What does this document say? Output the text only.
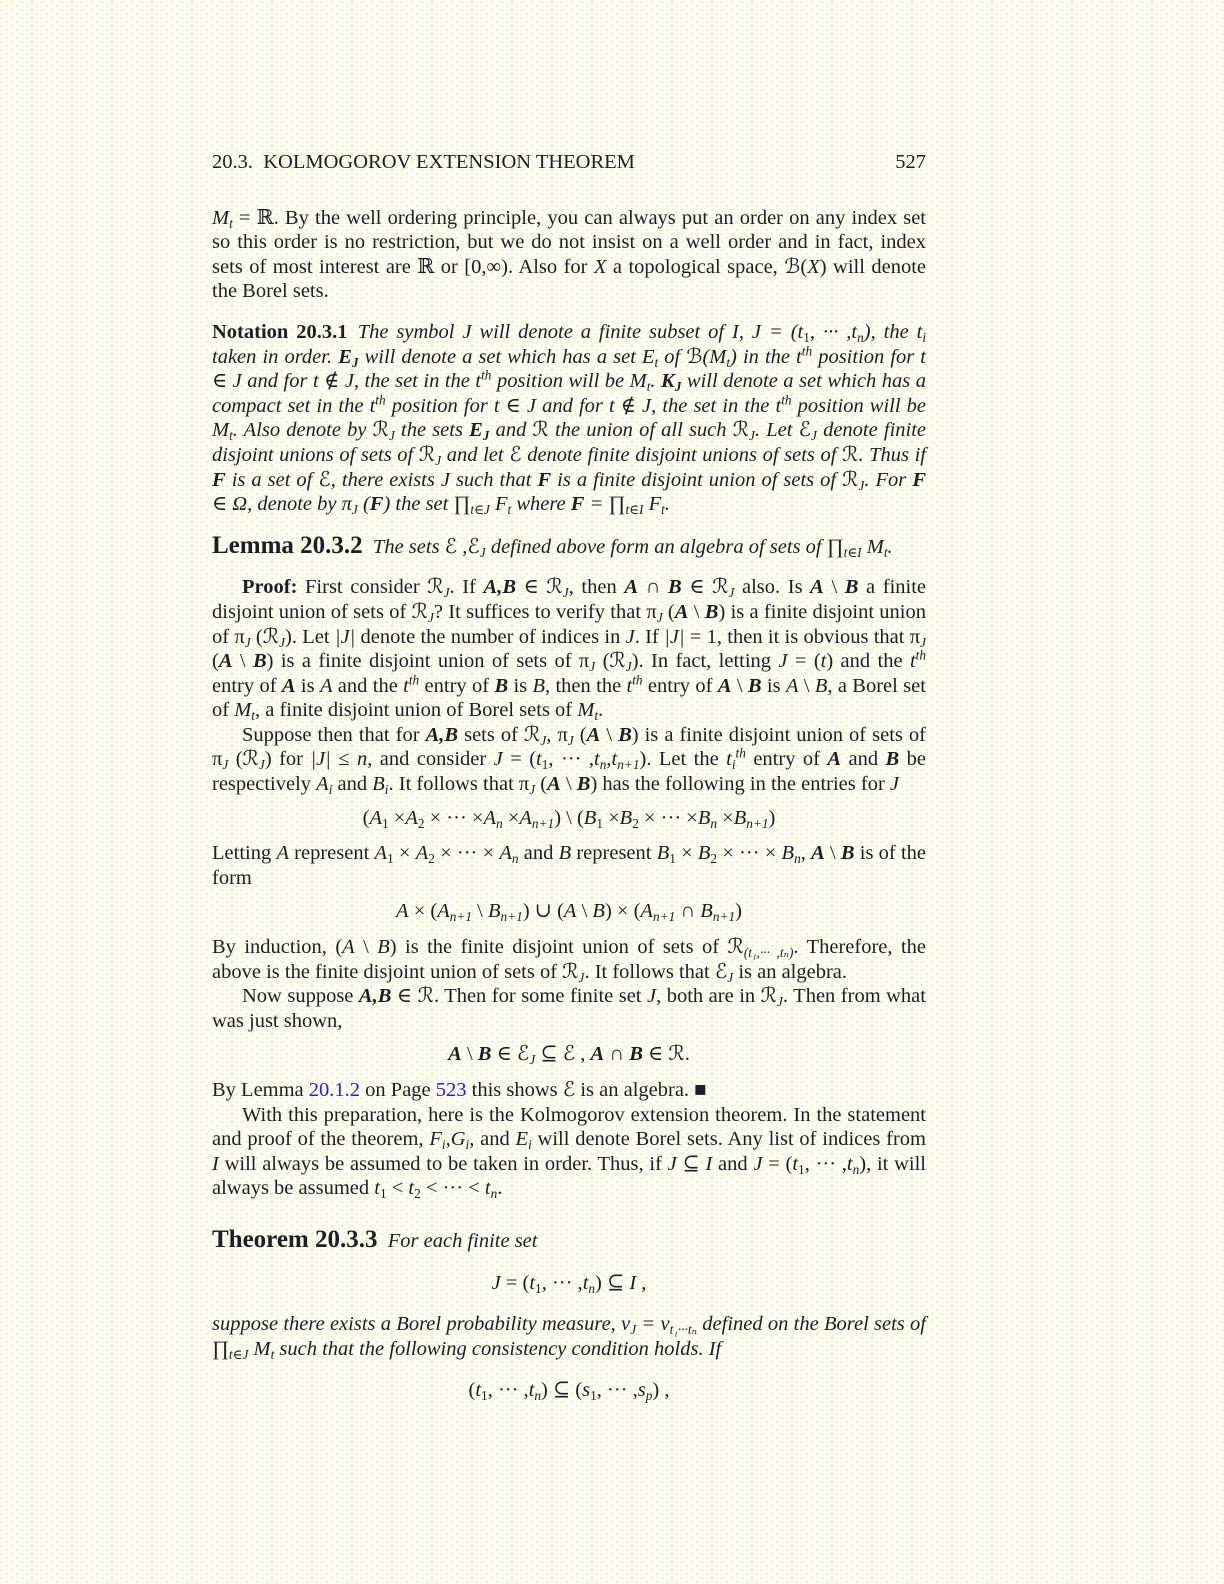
20.3. KOLMOGOROV EXTENSION THEOREM	527
Mt = ℝ. By the well ordering principle, you can always put an order on any index set so this order is no restriction, but we do not insist on a well order and in fact, index sets of most interest are ℝ or [0,∞). Also for X a topological space, ℬ(X) will denote the Borel sets.
Notation 20.3.1 The symbol J will denote a finite subset of I, $J = (t_1$, ··· ,tn), the ti taken in order. EJ will denote a set which has a set Et of ℬ(Mt) in the $t^{th}$ position for t ∈ J and for t ∉ J, the set in the $t^{th}$ position will be Mt. KJ will denote a set which has a compact set in the $t^{th}$ position for t ∈ J and for t ∉ J, the set in the $t^{th}$ position will be Mt. Also denote by ℛJ the sets EJ and ℛ the union of all such ℛJ. Let ℰJ denote finite disjoint unions of sets of ℛJ and let ℰ denote finite disjoint unions of sets of ℛ. Thus if F is a set of ℰ, there exists J such that F is a finite disjoint union of sets of ℛJ. For F ∈ Ω, denote by πJ (F) the set ∏t∈J Ft where F = ∏t∈I Ft.
Lemma 20.3.2 The sets ℰ ,ℰJ defined above form an algebra of sets of ∏t∈I Mt.
Proof: First consider ℛJ. If A,B ∈ ℛJ, then A ∩ B ∈ ℛJ also. Is A \ B a finite disjoint union of sets of ℛJ? It suffices to verify that πJ (A \ B) is a finite disjoint union of πJ (ℛJ). Let |J| denote the number of indices in J. If |J| = 1, then it is obvious that πJ (A \ B) is a finite disjoint union of sets of πJ (ℛJ). In fact, letting J = (t) and the $t^{th}$ entry of A is A and the $t^{th}$ entry of B is B, then the $t^{th}$ entry of A \ B is A \ B, a Borel set of Mt, a finite disjoint union of Borel sets of Mt.
Suppose then that for A,B sets of ℛJ, πJ (A \ B) is a finite disjoint union of sets of πJ (ℛJ) for |J| ≤ n, and consider $J = (t_1$, ··· ,tn,tn+1). Let the $ti^{th}$ entry of A and B be respectively Ai and Bi. It follows that πJ (A \ B) has the following in the entries for J
($A_1 \times A_2$ × ··· ×An ×An+1) \ ($B_1 \times B_2$ × ··· ×Bn ×Bn+1)
Letting A represent $A_1 \times A_2$ × ··· × An and B represent $B_1 \times B_2$ × ··· × Bn, A \ B is of the form
A × (An+1 \ Bn+1) ∪ (A \ B) × (An+1 ∩ Bn+1)
By induction, (A \ B) is the finite disjoint union of sets of ℛ(t₁,··· ,tₙ). Therefore, the above is the finite disjoint union of sets of ℛJ. It follows that ℰJ is an algebra.
Now suppose A,B ∈ ℛ. Then for some finite set J, both are in ℛJ. Then from what was just shown,
A \ B ∈ ℰJ ⊆ ℰ , A ∩ B ∈ ℛ.
By Lemma 20.1.2 on Page 523 this shows ℰ is an algebra. ■
With this preparation, here is the Kolmogorov extension theorem. In the statement and proof of the theorem, Fi,Gi, and Ei will denote Borel sets. Any list of indices from I will always be assumed to be taken in order. Thus, if J ⊆ I and $J = (t_1$, ··· ,tn), it will always be assumed $t_1 < t_2$ < ··· < tn.
Theorem 20.3.3 For each finite set
$J = (t_1$, ··· ,tn) ⊆ I ,
suppose there exists a Borel probability measure, νJ = νt₁···tₙ defined on the Borel sets of ∏t∈J Mt such that the following consistency condition holds. If
($t_1$, ··· ,tn) ⊆ ($s_1$, ··· ,sp) ,
